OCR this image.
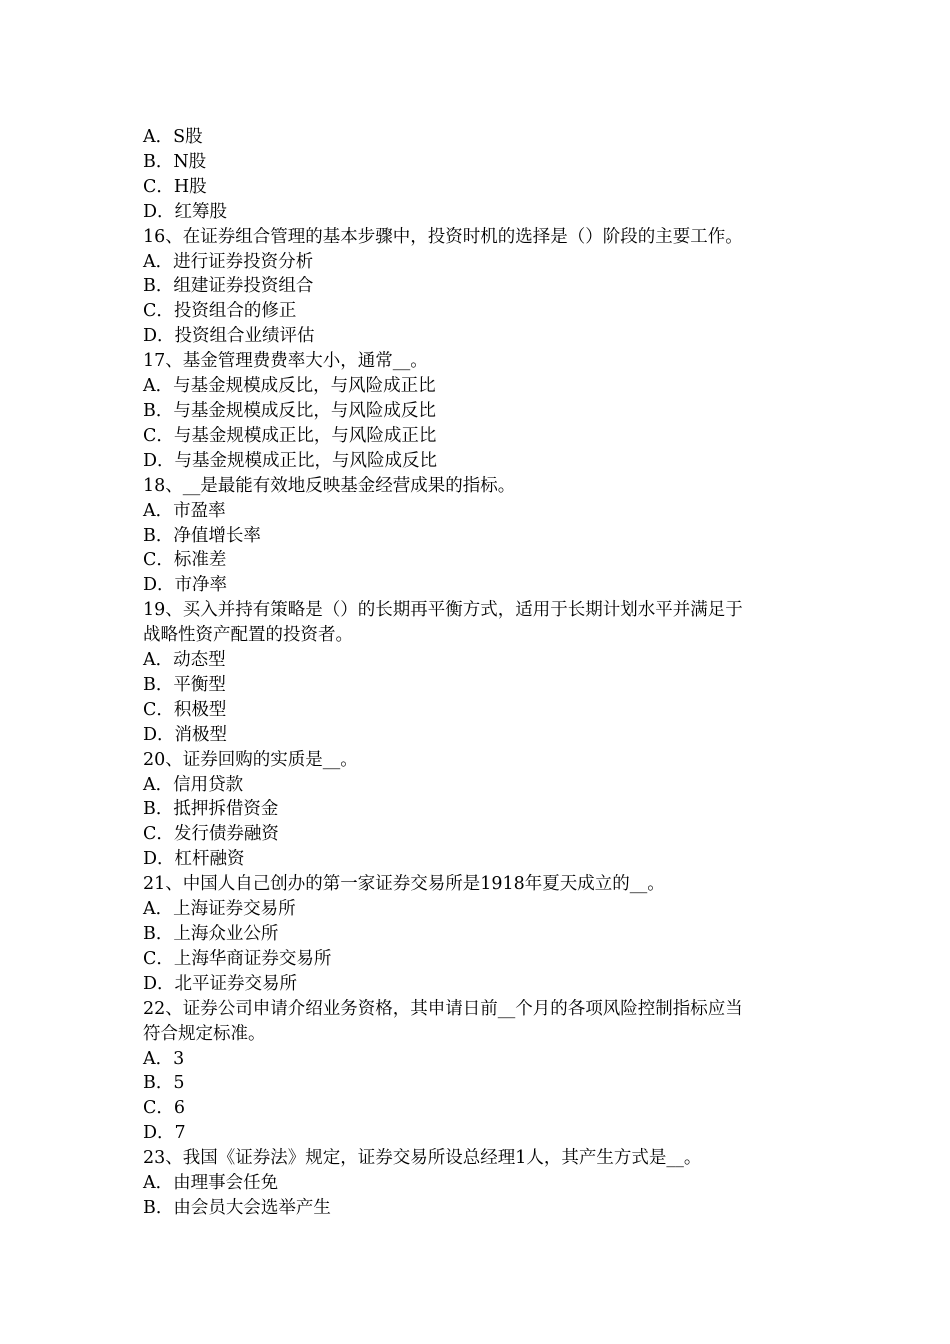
A．S股
B．N股
C．H股
D．红筹股
16、在证券组合管理的基本步骤中，投资时机的选择是（）阶段的主要工作。
A．进行证券投资分析
B．组建证券投资组合
C．投资组合的修正
D．投资组合业绩评估
17、基金管理费费率大小，通常__。
A．与基金规模成反比，与风险成正比
B．与基金规模成反比，与风险成反比
C．与基金规模成正比，与风险成正比
D．与基金规模成正比，与风险成反比
18、__是最能有效地反映基金经营成果的指标。
A．市盈率
B．净值增长率
C．标准差
D．市净率
19、买入并持有策略是（）的长期再平衡方式，适用于长期计划水平并满足于
战略性资产配置的投资者。
A．动态型
B．平衡型
C．积极型
D．消极型
20、证券回购的实质是__。
A．信用贷款
B．抵押拆借资金
C．发行债券融资
D．杠杆融资
21、中国人自己创办的第一家证券交易所是1918年夏天成立的__。
A．上海证券交易所
B．上海众业公所
C．上海华商证券交易所
D．北平证券交易所
22、证券公司申请介绍业务资格，其申请日前__个月的各项风险控制指标应当
符合规定标准。
A．3
B．5
C．6
D．7
23、我国《证券法》规定，证券交易所设总经理1人，其产生方式是__。
A．由理事会任免
B．由会员大会选举产生
